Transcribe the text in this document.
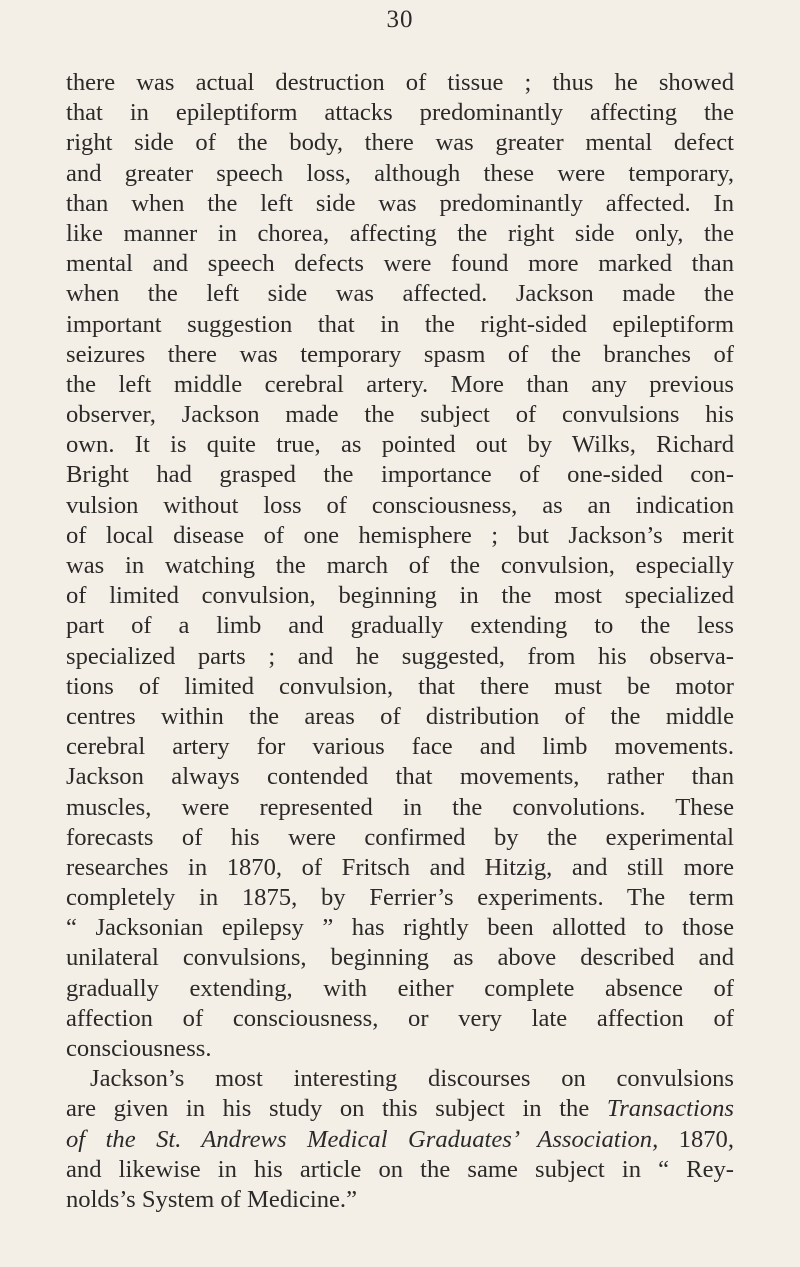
30
there was actual destruction of tissue ; thus he showed
that in epileptiform attacks predominantly affecting the
right side of the body, there was greater mental defect
and greater speech loss, although these were temporary,
than when the left side was predominantly affected. In
like manner in chorea, affecting the right side only, the
mental and speech defects were found more marked than
when the left side was affected. Jackson made the
important suggestion that in the right-sided epileptiform
seizures there was temporary spasm of the branches of
the left middle cerebral artery. More than any previous
observer, Jackson made the subject of convulsions his
own. It is quite true, as pointed out by Wilks, Richard
Bright had grasped the importance of one-sided con-
vulsion without loss of consciousness, as an indication
of local disease of one hemisphere ; but Jackson’s merit
was in watching the march of the convulsion, especially
of limited convulsion, beginning in the most specialized
part of a limb and gradually extending to the less
specialized parts ; and he suggested, from his observa-
tions of limited convulsion, that there must be motor
centres within the areas of distribution of the middle
cerebral artery for various face and limb movements.
Jackson always contended that movements, rather than
muscles, were represented in the convolutions. These
forecasts of his were confirmed by the experimental
researches in 1870, of Fritsch and Hitzig, and still more
completely in 1875, by Ferrier’s experiments. The term
“ Jacksonian epilepsy ” has rightly been allotted to those
unilateral convulsions, beginning as above described and
gradually extending, with either complete absence of
affection of consciousness, or very late affection of
consciousness.
Jackson’s most interesting discourses on convulsions
are given in his study on this subject in the Transactions
of the St. Andrews Medical Graduates’ Association, 1870,
and likewise in his article on the same subject in “ Rey-
nolds’s System of Medicine.”
